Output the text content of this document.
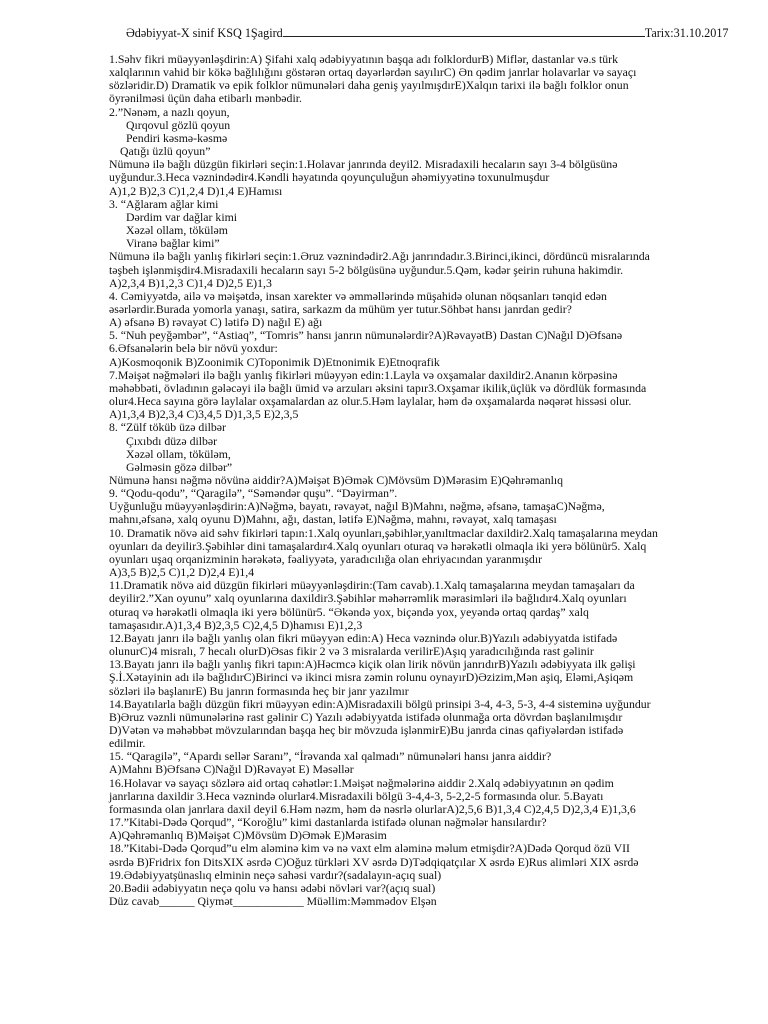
Ədəbiyyat-X sinif KSQ 1Şagird	Tarix:31.10.2017
1.Səhv fikri müəyyənləşdirin:A) Şifahi xalq ədəbiyyatının başqa adı folklordurB) Miflər, dastanlar və.s türk
xalqlarının vahid bir kökə bağlılığını göstərən ortaq dəyərlərdən sayılırC) Ən qədim janrlar holavarlar və sayaçı
sözləridir.D) Dramatik və epik folklor nümunələri daha geniş yayılmışdırE)Xalqın tarixi ilə bağlı folklor onun
öyrənilməsi üçün daha etibarlı mənbədir.
2.”Nənəm, a nazlı qoyun,
Qırqovul gözlü qoyun
Pendiri kəsmə-kəsmə
Qatığı üzlü qoyun”
Nümunə ilə bağlı düzgün fikirləri seçin:1.Holavar janrında deyil2. Misradaxili hecaların sayı 3-4 bölgüsünə
uyğundur.3.Heca vəznindədir4.Kəndli həyatında qoyunçuluğun əhəmiyyətinə toxunulmuşdur
A)1,2 B)2,3 C)1,2,4 D)1,4 E)Hamısı
3. “Ağlaram ağlar kimi
Dərdim var dağlar kimi
Xəzəl ollam, töküləm
Viranə bağlar kimi”
Nümunə ilə bağlı yanlış fikirləri seçin:1.Əruz vəznindədir2.Ağı janrındadır.3.Birinci,ikinci, dördüncü misralarında
təşbeh işlənmişdir4.Misradaxili hecaların sayı 5-2 bölgüsünə uyğundur.5.Qəm, kədər şeirin ruhuna hakimdir.
A)2,3,4 B)1,2,3 C)1,4 D)2,5 E)1,3
4. Cəmiyyətdə, ailə və məişətdə, insan xarekter və əmməllərində müşahidə olunan nöqsanları tənqid edən
əsərlərdir.Burada yomorla yanaşı, satira, sarkazm da mühüm yer tutur.Söhbət hansı janrdan gedir?
A) əfsanə B) rəvayət C) lətifə D) nağıl E) ağı
5. “Nuh peyğəmbər”, “Astiaq”, “Tomris” hansı janrın nümunələrdir?A)RəvayətB) Dastan C)Nağıl D)Əfsanə
6.Əfsanələrin belə bir növü yoxdur:
A)Kosmoqonik B)Zoonimik C)Toponimik D)Etnonimik E)Etnoqrafik
7.Məişət nəğmələri ilə bağlı yanlış fikirləri müəyyən edin:1.Layla və oxşamalar daxildir2.Ananın körpəsinə
məhəbbəti, övladının gələcəyi ilə bağlı ümid və arzuları əksini tapır3.Oxşamar ikilik,üçlük və dördlük formasında
olur4.Heca sayına görə laylalar oxşamalardan az olur.5.Həm laylalar, həm də oxşamalarda nəqərət hissəsi olur.
A)1,3,4 B)2,3,4 C)3,4,5 D)1,3,5 E)2,3,5
8. “Zülf töküb üzə dilbər
Çıxıbdı düzə dilbər
Xəzəl ollam, töküləm,
Gəlməsin gözə dilbər”
Nümunə hansı nəğmə növünə aiddir?A)Məişət B)Əmək C)Mövsüm D)Mərasim E)Qəhrəmanlıq
9. “Qodu-qodu”, “Qaragilə”, “Səməndər quşu”. “Dəyirman”.
Uyğunluğu müəyyənləşdirin:A)Nəğmə, bayatı, rəvayət, nağıl B)Mahnı, nəğmə, əfsanə, tamaşaC)Nəğmə,
mahnı,əfsanə, xalq oyunu D)Mahnı, ağı, dastan, lətifə E)Nəğmə, mahnı, rəvayət, xalq tamaşası
10. Dramatik növə aid səhv fikirləri tapın:1.Xalq oyunları,şəbihlər,yanıltmaclar daxildir2.Xalq tamaşalarına meydan
oyunları da deyilir3.Şəbihlər dini tamaşalardır4.Xalq oyunları oturaq və hərəkətli olmaqla iki yerə bölünür5. Xalq
oyunları uşaq orqanizminin hərəkətə, fəaliyyətə, yaradıcılığa olan ehriyacından yaranmışdır
A)3,5 B)2,5 C)1,2 D)2,4 E)1,4
11.Dramatik növə aid düzgün fikirləri müəyyənləşdirin:(Tam cavab).1.Xalq tamaşalarına meydan tamaşaları da
deyilir2.”Xan oyunu” xalq oyunlarına daxildir3.Şəbihlər məhərrəmlik mərasimləri ilə bağlıdır4.Xalq oyunları
oturaq və hərəkətli olmaqla iki yerə bölünür5. “Əkəndə yox, biçəndə yox, yeyəndə ortaq qardaş” xalq
tamaşasıdır.A)1,3,4 B)2,3,5 C)2,4,5 D)hamısı E)1,2,3
12.Bayatı janrı ilə bağlı yanlış olan fikri müəyyən edin:A) Heca vəznində olur.B)Yazılı ədəbiyyatda istifadə
olunurC)4 misralı, 7 hecalı olurD)Əsas fikir 2 və 3 misralarda verilirE)Aşıq yaradıcılığında rast gəlinir
13.Bayatı janrı ilə bağlı yanlış fikri tapın:A)Həcmcə kiçik olan lirik növün janrıdırB)Yazılı ədəbiyyata ilk gəlişi
Ş.İ.Xətayinin adı ilə bağlıdırC)Birinci və ikinci misra zəmin rolunu oynayırD)Əzizim,Mən aşiq, Eləmi,Aşiqəm
sözləri ilə başlanırE) Bu janrın formasında heç bir janr yazılmır
14.Bayatılarla bağlı düzgün fikri müəyyən edin:A)Misradaxili bölgü prinsipi 3-4, 4-3, 5-3, 4-4 sisteminə uyğundur
B)Əruz vəznli nümunələrinə rast gəlinir C) Yazılı ədəbiyyatda istifadə olunmağa orta dövrdən başlanılmışdır
D)Vətən və məhəbbət mövzularından başqa heç bir mövzuda işlənmirE)Bu janrda cinas qafiyələrdən istifadə
edilmir.
15. “Qaragilə”, “Apardı sellər Saranı”, “İrəvanda xal qalmadı” nümunələri hansı janra aiddir?
A)Mahnı B)Əfsanə C)Nağıl D)Rəvayət E) Məsəllər
16.Holavar və sayaçı sözlərə aid ortaq cəhətlər:1.Məişət nəğmələrinə aiddir 2.Xalq ədəbiyyatının ən qədim
janrlarına daxildir 3.Heca vəznində olurlar4.Misradaxili bölgü 3-4,4-3, 5-2,2-5 formasında olur. 5.Bayatı
formasında olan janrlara daxil deyil 6.Həm nəzm, həm də nəsrlə olurlarA)2,5,6 B)1,3,4 C)2,4,5 D)2,3,4 E)1,3,6
17.”Kitabi-Dədə Qorqud”, “Koroğlu” kimi dastanlarda istifadə olunan nəğmələr hansılardır?
A)Qəhrəmanlıq B)Məişət C)Mövsüm D)Əmək E)Mərasim
18.”Kitabi-Dədə Qorqud”u elm aləminə kim və nə vaxt elm aləminə məlum etmişdir?A)Dədə Qorqud özü VII
əsrdə B)Fridrix fon DitsXIX əsrdə C)Oğuz türkləri XV əsrdə D)Tədqiqatçılar X əsrdə E)Rus alimləri XIX əsrdə
19.Ədəbiyyatşünaslıq elminin neçə sahəsi vardır?(sadalayın-açıq sual)
20.Bədii ədəbiyyatın neçə qolu və hansı ədəbi növləri var?(açıq sual)
Düz cavab______ Qiymət____________ Müəllim:Məmmədov Elşən
